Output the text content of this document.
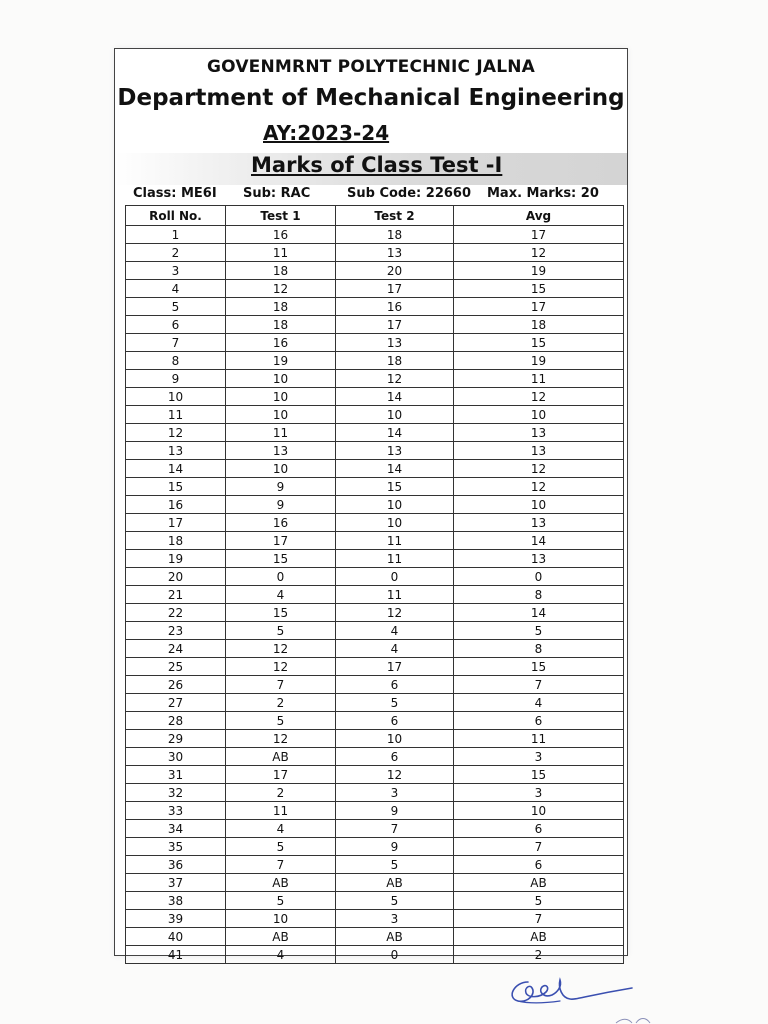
GOVENMRNT POLYTECHNIC JALNA
Department of Mechanical Engineering
AY:2023-24
Marks of Class Test -I
Class: ME6I Sub: RAC	Sub Code: 22660 Max. Marks: 20
Roll No.	Test 1	Test 2	Avg
1	16	18	17
2	11	13	12
3	18	20	19
4	12	17	15
5	18	16	17
6	18	17	18
7	16	13	15
8	19	18	19
9	10	12	11
10	10	14	12
11	10	10	10
12	11	14	13
13	13	13	13
14	10	14	12
15	9	15	12
16	9	10	10
17	16	10	13
18	17	11	14
19	15	11	13
20	0	0	0
21	4	11	8
22	15	12	14
23	5	4	5
24	12	4	8
25	12	17	15
26	7	6	7
27	2	5	4
28	5	6	6
29	12	10	11
30	AB	6	3
31	17	12	15
32	2	3	3
33	11	9	10
34	4	7	6
35	5	9	7
36	7	5	6
37	AB	AB	AB
38	5	5	5
39	10	3	7
40	AB	AB	AB
41	4	0	2
